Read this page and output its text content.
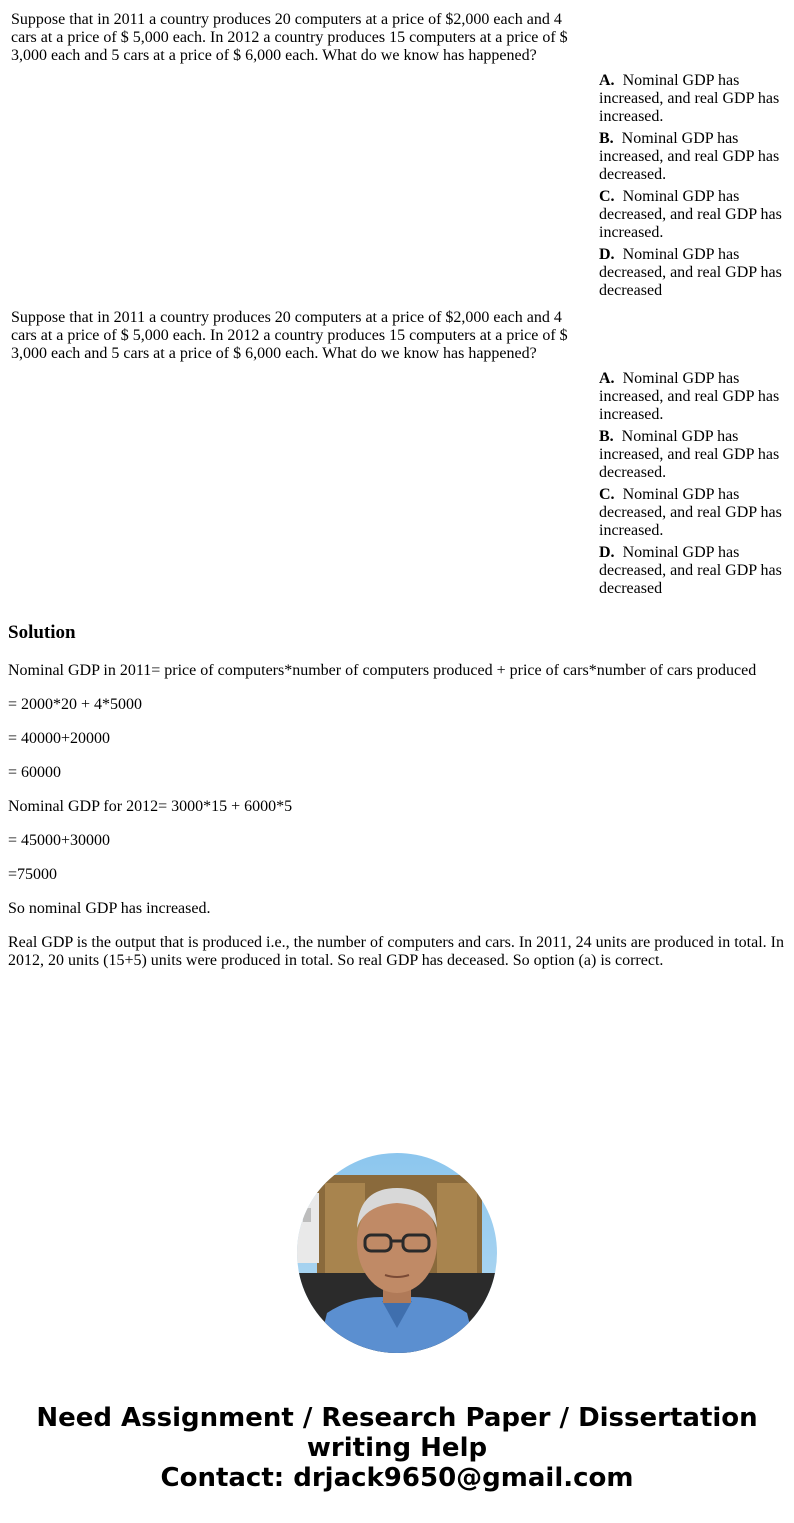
Suppose that in 2011 a country produces 20 computers at a price of $2,000 each and 4 cars at a price of $ 5,000 each. In 2012 a country produces 15 computers at a price of $ 3,000 each and 5 cars at a price of $ 6,000 each. What do we know has happened?
A. Nominal GDP has increased, and real GDP has increased.
B. Nominal GDP has increased, and real GDP has decreased.
C. Nominal GDP has decreased, and real GDP has increased.
D. Nominal GDP has decreased, and real GDP has decreased
Suppose that in 2011 a country produces 20 computers at a price of $2,000 each and 4 cars at a price of $ 5,000 each. In 2012 a country produces 15 computers at a price of $ 3,000 each and 5 cars at a price of $ 6,000 each. What do we know has happened?
A. Nominal GDP has increased, and real GDP has increased.
B. Nominal GDP has increased, and real GDP has decreased.
C. Nominal GDP has decreased, and real GDP has increased.
D. Nominal GDP has decreased, and real GDP has decreased
Solution

Nominal GDP in 2011= price of computers*number of computers produced + price of cars*number of cars produced

= 2000*20 + 4*5000

= 40000+20000

= 60000

Nominal GDP for 2012= 3000*15 + 6000*5

= 45000+30000

=75000

So nominal GDP has increased.

Real GDP is the output that is produced i.e., the number of computers and cars. In 2011, 24 units are produced in total. In 2012, 20 units (15+5) units were produced in total. So real GDP has deceased. So option (a) is correct.

Need Assignment / Research Paper / Dissertation
writing Help
Contact: drjack9650@gmail.com
